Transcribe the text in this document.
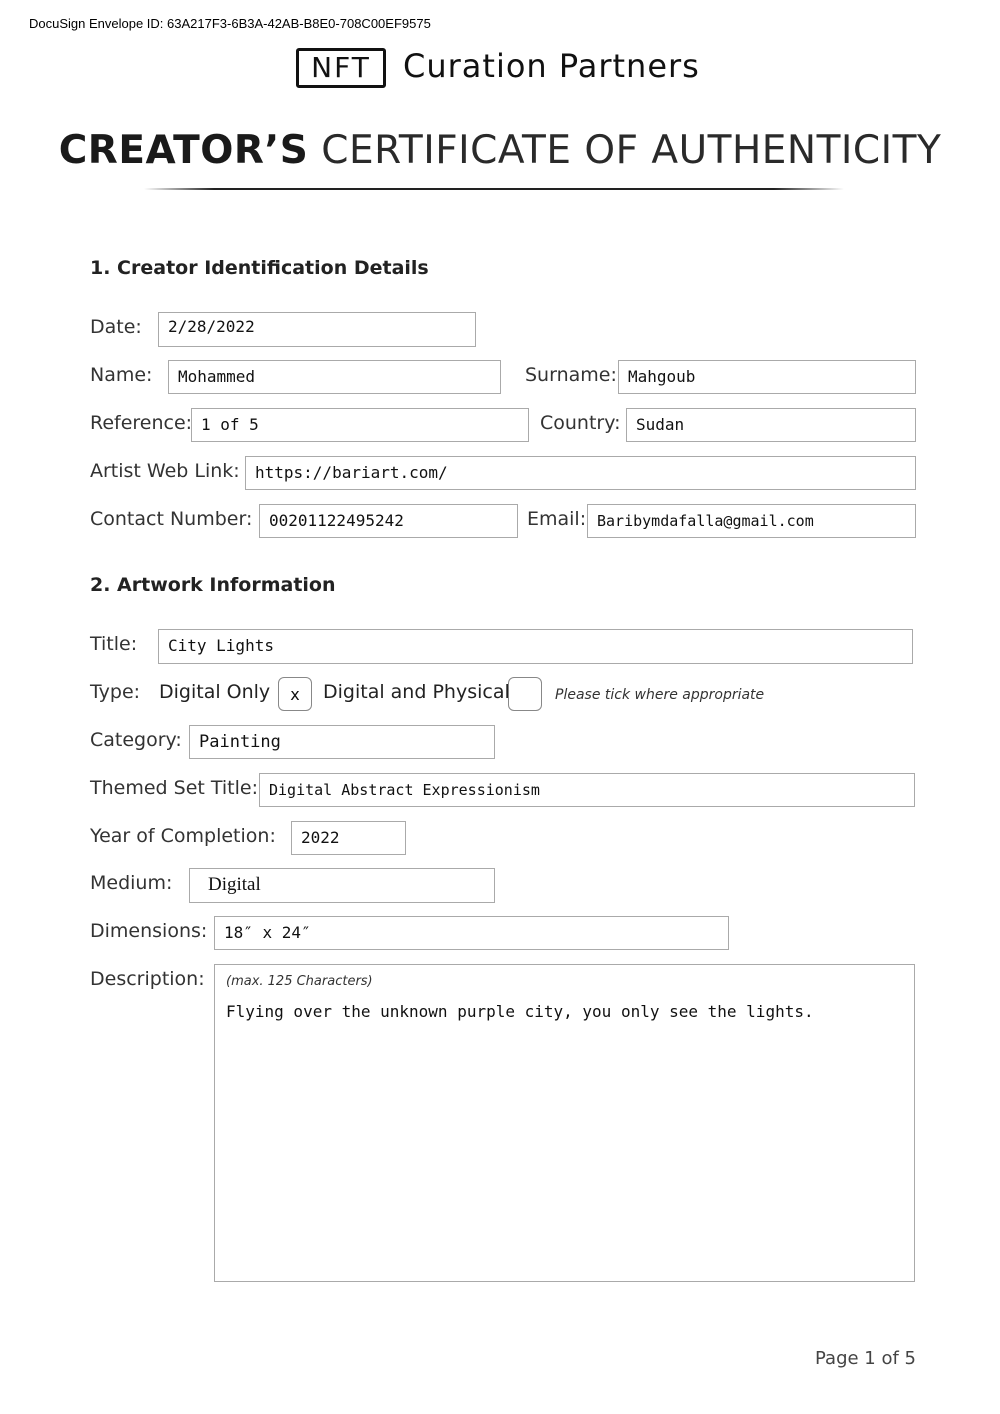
DocuSign Envelope ID: 63A217F3-6B3A-42AB-B8E0-708C00EF9575
NFT	Curation Partners
CREATOR’S CERTIFICATE OF AUTHENTICITY
1. Creator Identification Details
Date:	2/28/2022
Name:	Mohammed	Surname: Mahgoub
Reference: 1 of 5	Country: Sudan
Artist Web Link: https://bariart.com/
Contact Number:	00201122495242	Email: Baribymdafalla@gmail.com
2. Artwork Information
Title:	City Lights
Type: Digital Only	x	Digital and Physical	Please tick where appropriate
Category:	Painting
Themed Set Title: Digital Abstract Expressionism
Year of Completion:	2022
Medium:	Digital
Dimensions:	18″ x 24″
Description: (max. 125 Characters)
Flying over the unknown purple city, you only see the lights.
Page 1 of 5
